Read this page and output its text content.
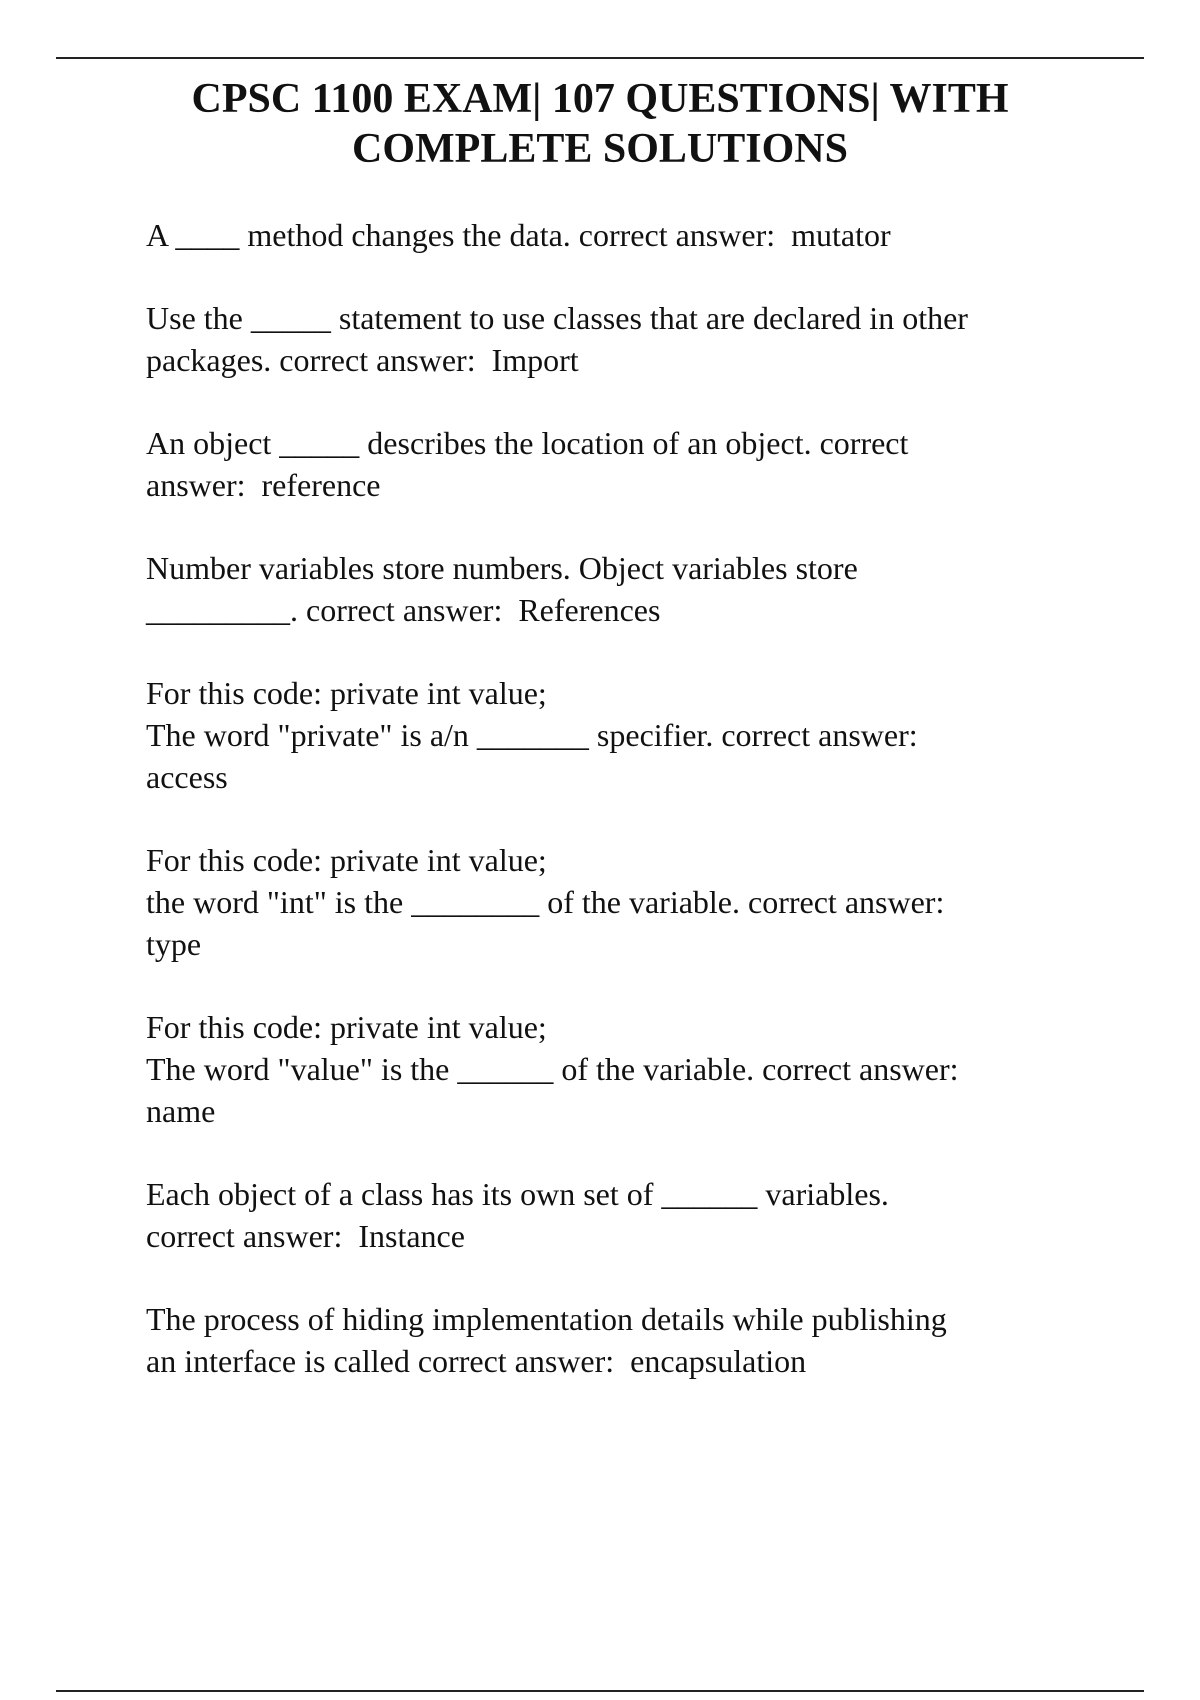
CPSC 1100 EXAM| 107 QUESTIONS| WITH
COMPLETE SOLUTIONS

A ____ method changes the data. correct answer:  mutator

Use the _____ statement to use classes that are declared in other
packages. correct answer:  Import

An object _____ describes the location of an object. correct
answer:  reference

Number variables store numbers. Object variables store
_________. correct answer:  References

For this code: private int value;
The word "private" is a/n _______ specifier. correct answer:
access

For this code: private int value;
the word "int" is the ________ of the variable. correct answer:
type

For this code: private int value;
The word "value" is the ______ of the variable. correct answer:
name

Each object of a class has its own set of ______ variables.
correct answer:  Instance

The process of hiding implementation details while publishing
an interface is called correct answer:  encapsulation
